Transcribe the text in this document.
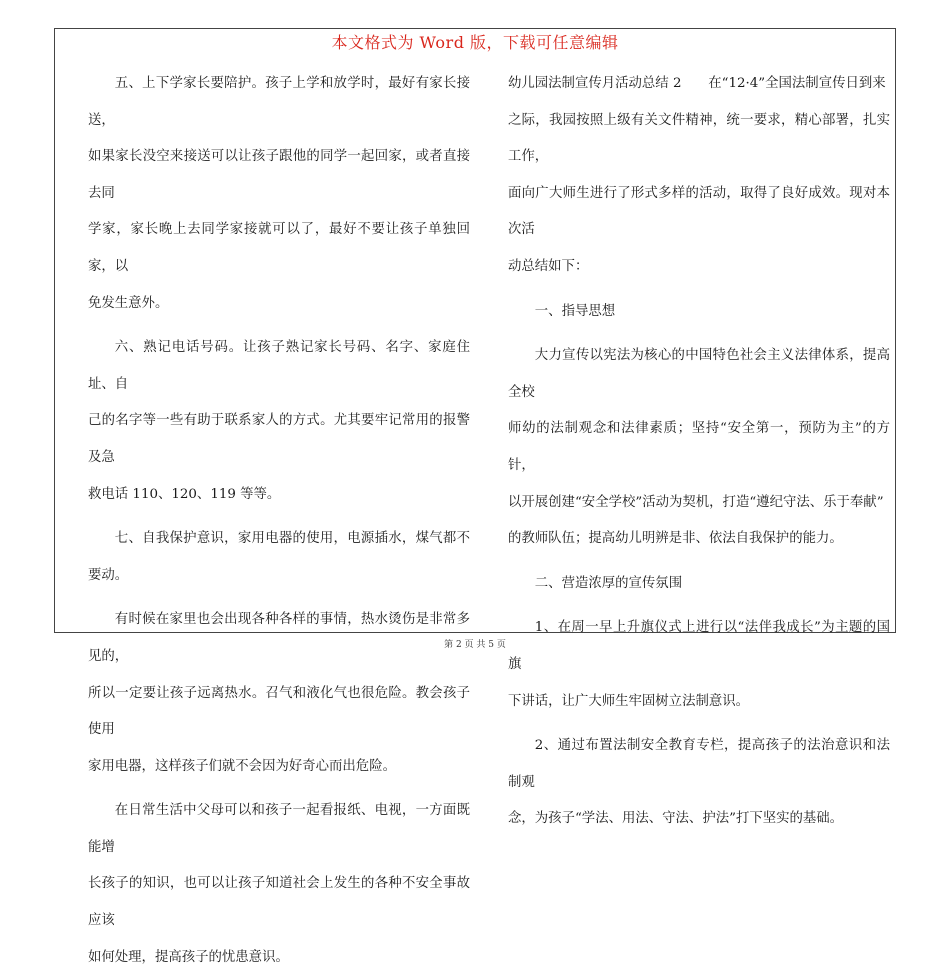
本文格式为 Word 版，下载可任意编辑

五、上下学家长要陪护。孩子上学和放学时，最好有家长接送，

如果家长没空来接送可以让孩子跟他的同学一起回家，或者直接去同

学家，家长晚上去同学家接就可以了，最好不要让孩子单独回家，以

免发生意外。

六、熟记电话号码。让孩子熟记家长号码、名字、家庭住址、自

己的名字等一些有助于联系家人的方式。尤其要牢记常用的报警及急

救电话 110、120、119 等等。

七、自我保护意识，家用电器的使用，电源插水，煤气都不要动。

有时候在家里也会出现各种各样的事情，热水烫伤是非常多见的，

所以一定要让孩子远离热水。召气和液化气也很危险。教会孩子使用

家用电器，这样孩子们就不会因为好奇心而出危险。

在日常生活中父母可以和孩子一起看报纸、电视，一方面既能增

长孩子的知识，也可以让孩子知道社会上发生的各种不安全事故应该

如何处理，提高孩子的忧患意识。

幼儿园法制宣传月活动总结 2　　在“12·4”全国法制宣传日到来

之际，我园按照上级有关文件精神，统一要求，精心部署，扎实工作，

面向广大师生进行了形式多样的活动，取得了良好成效。现对本次活

动总结如下：

一、指导思想

大力宣传以宪法为核心的中国特色社会主义法律体系，提高全校

师幼的法制观念和法律素质；坚持“安全第一，预防为主”的方针，

以开展创建“安全学校”活动为契机，打造“遵纪守法、乐于奉献”

的教师队伍；提高幼儿明辨是非、依法自我保护的能力。

二、营造浓厚的宣传氛围

1、在周一早上升旗仪式上进行以“法伴我成长”为主题的国旗

下讲话，让广大师生牢固树立法制意识。

2、通过布置法制安全教育专栏，提高孩子的法治意识和法制观

念，为孩子“学法、用法、守法、护法”打下坚实的基础。

第 2 页 共 5 页
